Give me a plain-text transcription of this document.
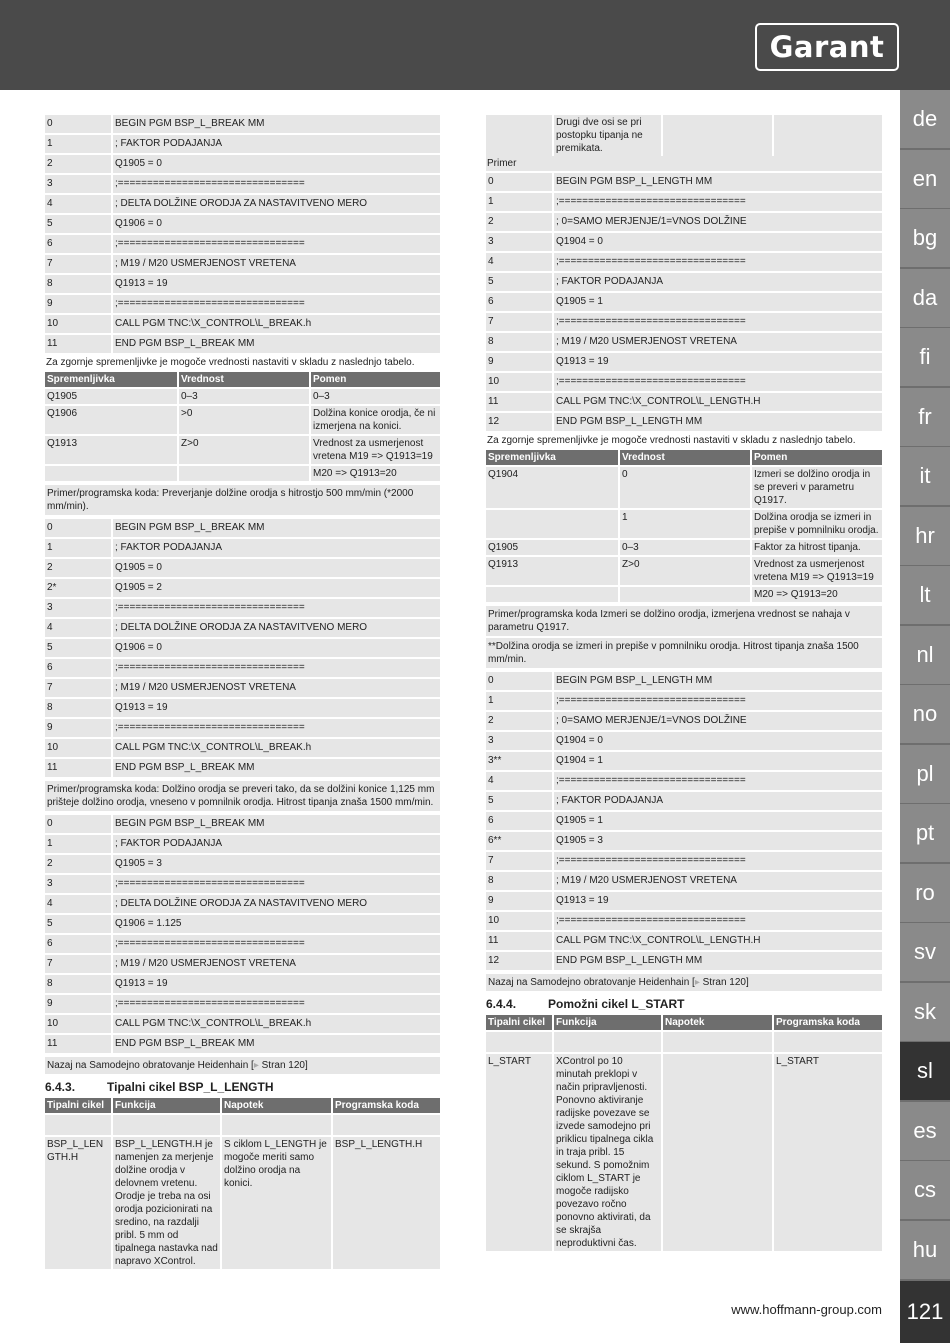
Garant
de
en
bg
da
fi
fr
it
hr
lt
nl
no
pl
pt
ro
sv
sk
sl
es
cs
hu
www.hoffmann-group.com	121
0	BEGIN PGM BSP_L_BREAK MM
1	; FAKTOR PODAJANJA
2	Q1905 = 0
3	;================================
4	; DELTA DOLŽINE ORODJA ZA NASTAVITVENO MERO
5	Q1906 = 0
6	;================================
7	; M19 / M20 USMERJENOST VRETENA
8	Q1913 = 19
9	;================================
10	CALL PGM TNC:\X_CONTROL\L_BREAK.h
11	END PGM BSP_L_BREAK MM
Za zgornje spremenljivke je mogoče vrednosti nastaviti v skladu z naslednjo tabelo.
Spremenljivka	Vrednost	Pomen
Q1905	0–3	0–3
Q1906	>0	Dolžina konice orodja, če ni izmerjena na konici.
Q1913	Z>0	Vrednost za usmerjenost vretena M19 => Q1913=19
		M20 => Q1913=20
Primer/programska koda: Preverjanje dolžine orodja s hitrostjo 500 mm/min (*2000 mm/min).
0	BEGIN PGM BSP_L_BREAK MM
1	; FAKTOR PODAJANJA
2	Q1905 = 0
2*	Q1905 = 2
3	;================================
4	; DELTA DOLŽINE ORODJA ZA NASTAVITVENO MERO
5	Q1906 = 0
6	;================================
7	; M19 / M20 USMERJENOST VRETENA
8	Q1913 = 19
9	;================================
10	CALL PGM TNC:\X_CONTROL\L_BREAK.h
11	END PGM BSP_L_BREAK MM
Primer/programska koda: Dolžino orodja se preveri tako, da se dolžini konice 1,125 mm prišteje dolžino orodja, vneseno v pomnilnik orodja. Hitrost tipanja znaša 1500 mm/min.
0	BEGIN PGM BSP_L_BREAK MM
1	; FAKTOR PODAJANJA
2	Q1905 = 3
3	;================================
4	; DELTA DOLŽINE ORODJA ZA NASTAVITVENO MERO
5	Q1906 = 1.125
6	;================================
7	; M19 / M20 USMERJENOST VRETENA
8	Q1913 = 19
9	;================================
10	CALL PGM TNC:\X_CONTROL\L_BREAK.h
11	END PGM BSP_L_BREAK MM
Nazaj na Samodejno obratovanje Heidenhain [▸ Stran 120]
6.4.3.	Tipalni cikel BSP_L_LENGTH
Tipalni cikel	Funkcija	Napotek	Programska koda

BSP_L_LENGTH.H	BSP_L_LENGTH.H je namenjen za merjenje dolžine orodja v delovnem vretenu. Orodje je treba na osi orodja pozicionirati na sredino, na razdalji pribl. 5 mm od tipalnega nastavka nad napravo XControl.	S ciklom L_LENGTH je mogoče meriti samo dolžino orodja na konici.	BSP_L_LENGTH.H
	Drugi dve osi se pri postopku tipanja ne premikata.		
Primer
0	BEGIN PGM BSP_L_LENGTH MM
1	;================================
2	; 0=SAMO MERJENJE/1=VNOS DOLŽINE
3	Q1904 = 0
4	;================================
5	; FAKTOR PODAJANJA
6	Q1905 = 1
7	;================================
8	; M19 / M20 USMERJENOST VRETENA
9	Q1913 = 19
10	;================================
11	CALL PGM TNC:\X_CONTROL\L_LENGTH.H
12	END PGM BSP_L_LENGTH MM
Za zgornje spremenljivke je mogoče vrednosti nastaviti v skladu z naslednjo tabelo.
Spremenljivka	Vrednost	Pomen
Q1904	0	Izmeri se dolžino orodja in se preveri v parametru Q1917.
	1	Dolžina orodja se izmeri in prepiše v pomnilniku orodja.
Q1905	0–3	Faktor za hitrost tipanja.
Q1913	Z>0	Vrednost za usmerjenost vretena M19 => Q1913=19
		M20 => Q1913=20
Primer/programska koda Izmeri se dolžino orodja, izmerjena vrednost se nahaja v parametru Q1917.
**Dolžina orodja se izmeri in prepiše v pomnilniku orodja. Hitrost tipanja znaša 1500 mm/min.
0	BEGIN PGM BSP_L_LENGTH MM
1	;================================
2	; 0=SAMO MERJENJE/1=VNOS DOLŽINE
3	Q1904 = 0
3**	Q1904 = 1
4	;================================
5	; FAKTOR PODAJANJA
6	Q1905 = 1
6**	Q1905 = 3
7	;================================
8	; M19 / M20 USMERJENOST VRETENA
9	Q1913 = 19
10	;================================
11	CALL PGM TNC:\X_CONTROL\L_LENGTH.H
12	END PGM BSP_L_LENGTH MM
Nazaj na Samodejno obratovanje Heidenhain [▸ Stran 120]
6.4.4.	Pomožni cikel L_START
Tipalni cikel	Funkcija	Napotek	Programska koda

L_START	XControl po 10 minutah preklopi v način pripravljenosti. Ponovno aktiviranje radijske povezave se izvede samodejno pri priklicu tipalnega cikla in traja pribl. 15 sekund. S pomožnim ciklom L_START je mogoče radijsko povezavo ročno ponovno aktivirati, da se skrajša neproduktivni čas.		L_START
